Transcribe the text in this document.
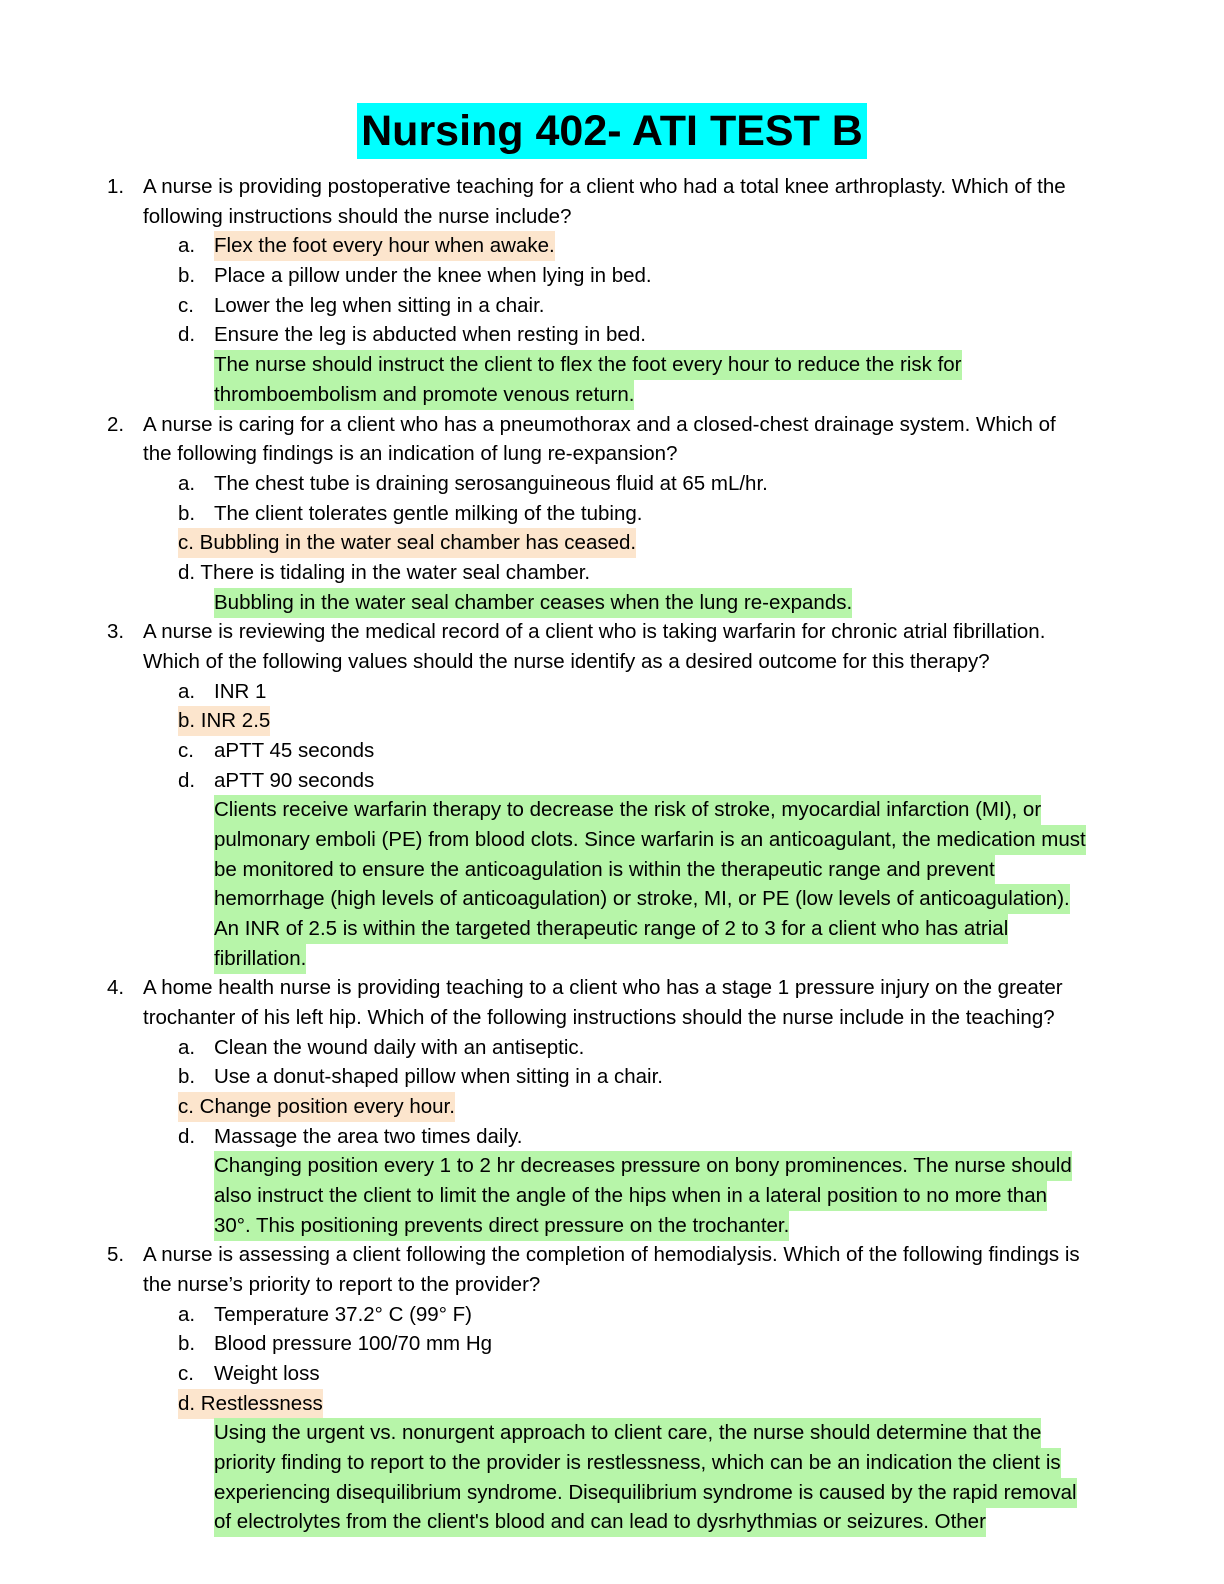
Nursing 402- ATI TEST B
1. A nurse is providing postoperative teaching for a client who had a total knee arthroplasty. Which of the
following instructions should the nurse include?
a. Flex the foot every hour when awake.
b. Place a pillow under the knee when lying in bed.
c. Lower the leg when sitting in a chair.
d. Ensure the leg is abducted when resting in bed.
The nurse should instruct the client to flex the foot every hour to reduce the risk for
thromboembolism and promote venous return.
2. A nurse is caring for a client who has a pneumothorax and a closed-chest drainage system. Which of
the following findings is an indication of lung re-expansion?
a. The chest tube is draining serosanguineous fluid at 65 mL/hr.
b. The client tolerates gentle milking of the tubing.
c. Bubbling in the water seal chamber has ceased.
d. There is tidaling in the water seal chamber.
Bubbling in the water seal chamber ceases when the lung re-expands.
3. A nurse is reviewing the medical record of a client who is taking warfarin for chronic atrial fibrillation.
Which of the following values should the nurse identify as a desired outcome for this therapy?
a. INR 1
b. INR 2.5
c. aPTT 45 seconds
d. aPTT 90 seconds
Clients receive warfarin therapy to decrease the risk of stroke, myocardial infarction (MI), or
pulmonary emboli (PE) from blood clots. Since warfarin is an anticoagulant, the medication must
be monitored to ensure the anticoagulation is within the therapeutic range and prevent
hemorrhage (high levels of anticoagulation) or stroke, MI, or PE (low levels of anticoagulation).
An INR of 2.5 is within the targeted therapeutic range of 2 to 3 for a client who has atrial
fibrillation.
4. A home health nurse is providing teaching to a client who has a stage 1 pressure injury on the greater
trochanter of his left hip. Which of the following instructions should the nurse include in the teaching?
a. Clean the wound daily with an antiseptic.
b. Use a donut-shaped pillow when sitting in a chair.
c. Change position every hour.
d. Massage the area two times daily.
Changing position every 1 to 2 hr decreases pressure on bony prominences. The nurse should
also instruct the client to limit the angle of the hips when in a lateral position to no more than
30°. This positioning prevents direct pressure on the trochanter.
5. A nurse is assessing a client following the completion of hemodialysis. Which of the following findings is
the nurse’s priority to report to the provider?
a. Temperature 37.2° C (99° F)
b. Blood pressure 100/70 mm Hg
c. Weight loss
d. Restlessness
Using the urgent vs. nonurgent approach to client care, the nurse should determine that the
priority finding to report to the provider is restlessness, which can be an indication the client is
experiencing disequilibrium syndrome. Disequilibrium syndrome is caused by the rapid removal
of electrolytes from the client's blood and can lead to dysrhythmias or seizures. Other
